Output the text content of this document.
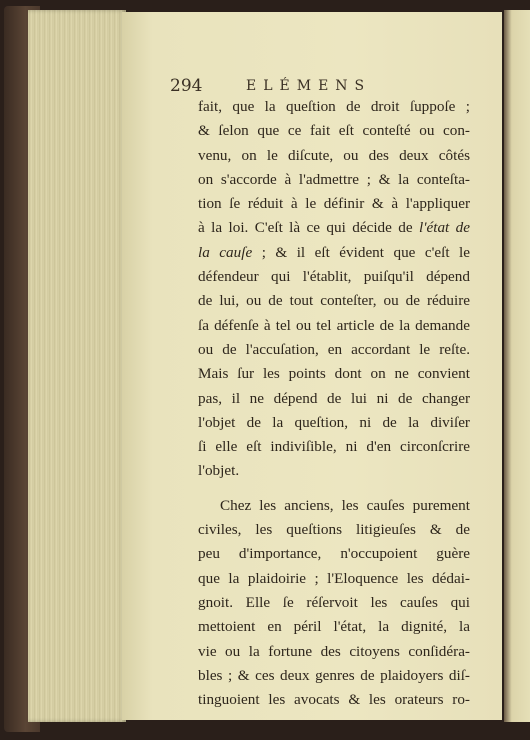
294	ELÉMENS
fait, que la queſtion de droit ſuppoſe ;
& ſelon que ce fait eſt conteſté ou con-
venu, on le diſcute, ou des deux côtés
on s'accorde à l'admettre ; & la conteſta-
tion ſe réduit à le définir & à l'appliquer
à la loi. C'eſt là ce qui décide de l'état de
la cauſe ; & il eſt évident que c'eſt le
défendeur qui l'établit, puiſqu'il dépend
de lui, ou de tout conteſter, ou de réduire
ſa défenſe à tel ou tel article de la demande
ou de l'accuſation, en accordant le reſte.
Mais ſur les points dont on ne convient
pas, il ne dépend de lui ni de changer
l'objet de la queſtion, ni de la diviſer
ſi elle eſt indiviſible, ni d'en circonſcrire
l'objet.
Chez les anciens, les cauſes purement
civiles, les queſtions litigieuſes & de
peu d'importance, n'occupoient guère
que la plaidoirie ; l'Eloquence les dédai-
gnoit. Elle ſe réſervoit les cauſes qui
mettoient en péril l'état, la dignité, la
vie ou la fortune des citoyens conſidéra-
bles ; & ces deux genres de plaidoyers diſ-
tinguoient les avocats & les orateurs ro-
